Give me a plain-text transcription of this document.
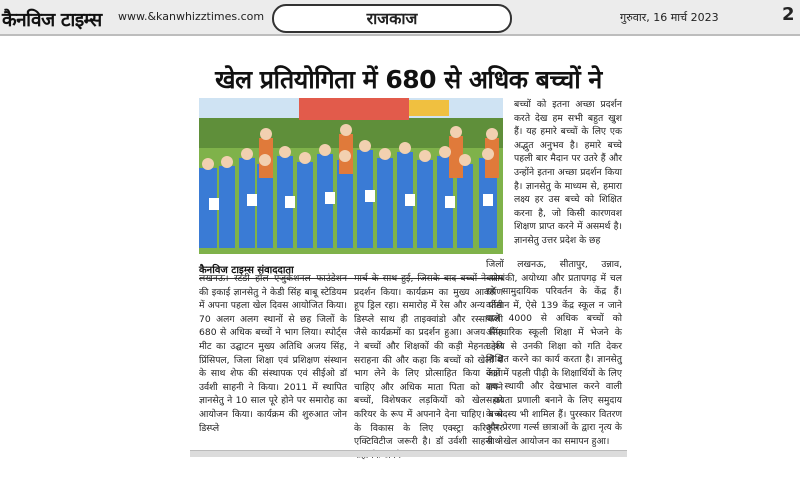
कैनविज टाइम्स www.&kanwhizztimes.com	राजकाज	गुरुवार, 16 मार्च 2023	2
खेल प्रतियोगिता में 680 से अधिक बच्चों ने
कैनविज टाइम्स संवाददाता

बच्चों को इतना अच्छा प्रदर्शन करते देख हम सभी बहुत खुश हैं। यह हमारे बच्चों के लिए एक अद्भुत अनुभव है। हमारे बच्चे पहली बार मैदान पर उतरे हैं और उन्होंने इतना अच्छा प्रदर्शन किया है। ज्ञानसेतु के माध्यम से, हमारा लक्ष्य हर उस बच्चे को शिक्षित करना है, जो किसी कारणवश शिक्षण प्राप्त करने में असमर्थ है। ज्ञानसेतु उत्तर प्रदेश के छह

लखनऊ। स्टडी हॉल एजुकेशनल फाउंडेशन की इकाई ज्ञानसेतु ने केडी सिंह बाबू स्टेडियम में अपना पहला खेल दिवस आयोजित किया। 70 अलग अलग स्थानों से छह जिलों के 680 से अधिक बच्चों ने भाग लिया। स्पोर्ट्स मीट का उद्घाटन मुख्य अतिथि अजय सिंह, प्रिंसिपल, जिला शिक्षा एवं प्रशिक्षण संस्थान के साथ शेफ की संस्थापक एवं सीईओ डॉ उर्वशी साहनी ने किया। 2011 में स्थापित ज्ञानसेतु ने 10 साल पूरे होने पर समारोह का आयोजन किया। कार्यक्रम की शुरुआत जोन डिस्प्ले

मार्च के साथ हुई, जिसके बाद बच्चों ने योग प्रदर्शन किया। कार्यक्रम का मुख्य आकर्षण हूप ड्रिल रहा। समारोह में रेस और अन्य पीटी डिस्प्ले साथ ही ताइक्वांडो और रस्साकशी जैसे कार्यक्रमों का प्रदर्शन हुआ। अजय सिंह ने बच्चों और शिक्षकों की कड़ी मेहनत की सराहना की और कहा कि बच्चों को खेलों में भाग लेने के लिए प्रोत्साहित किया जाना चाहिए और अधिक माता पिता को अपने बच्चों, विशेषकर लड़कियों को खेल को करियर के रूप में अपनाने देना चाहिए। बच्चे के विकास के लिए एक्स्ट्रा करिकुलर एक्टिविटीज जरूरी है। डॉ उर्वशी साहनी ने

जिलों लखनऊ, सीतापुर, उन्नाव, बाराबंकी, अयोध्या और प्रतापगढ़ में चल रहे सामुदायिक परिवर्तन के केंद्र हैं। वर्तमान में, ऐसे 139 केंद्र स्कूल न जाने वाले 4000 से अधिक बच्चों को औपचारिक स्कूली शिक्षा में भेजने के उद्देश्य से उनकी शिक्षा को गति देकर शिक्षित करने का कार्य करता है। ज्ञानसेतु केंद्रों में पहली पीढ़ी के शिक्षार्थियों के लिए एक स्थायी और देखभाल करने वाली सहायता प्रणाली बनाने के लिए समुदाय के सदस्य भी शामिल हैं। पुरस्कार वितरण और प्रेरणा गर्ल्स छात्राओं के द्वारा नृत्य के साथ खेल आयोजन का समापन हुआ।
